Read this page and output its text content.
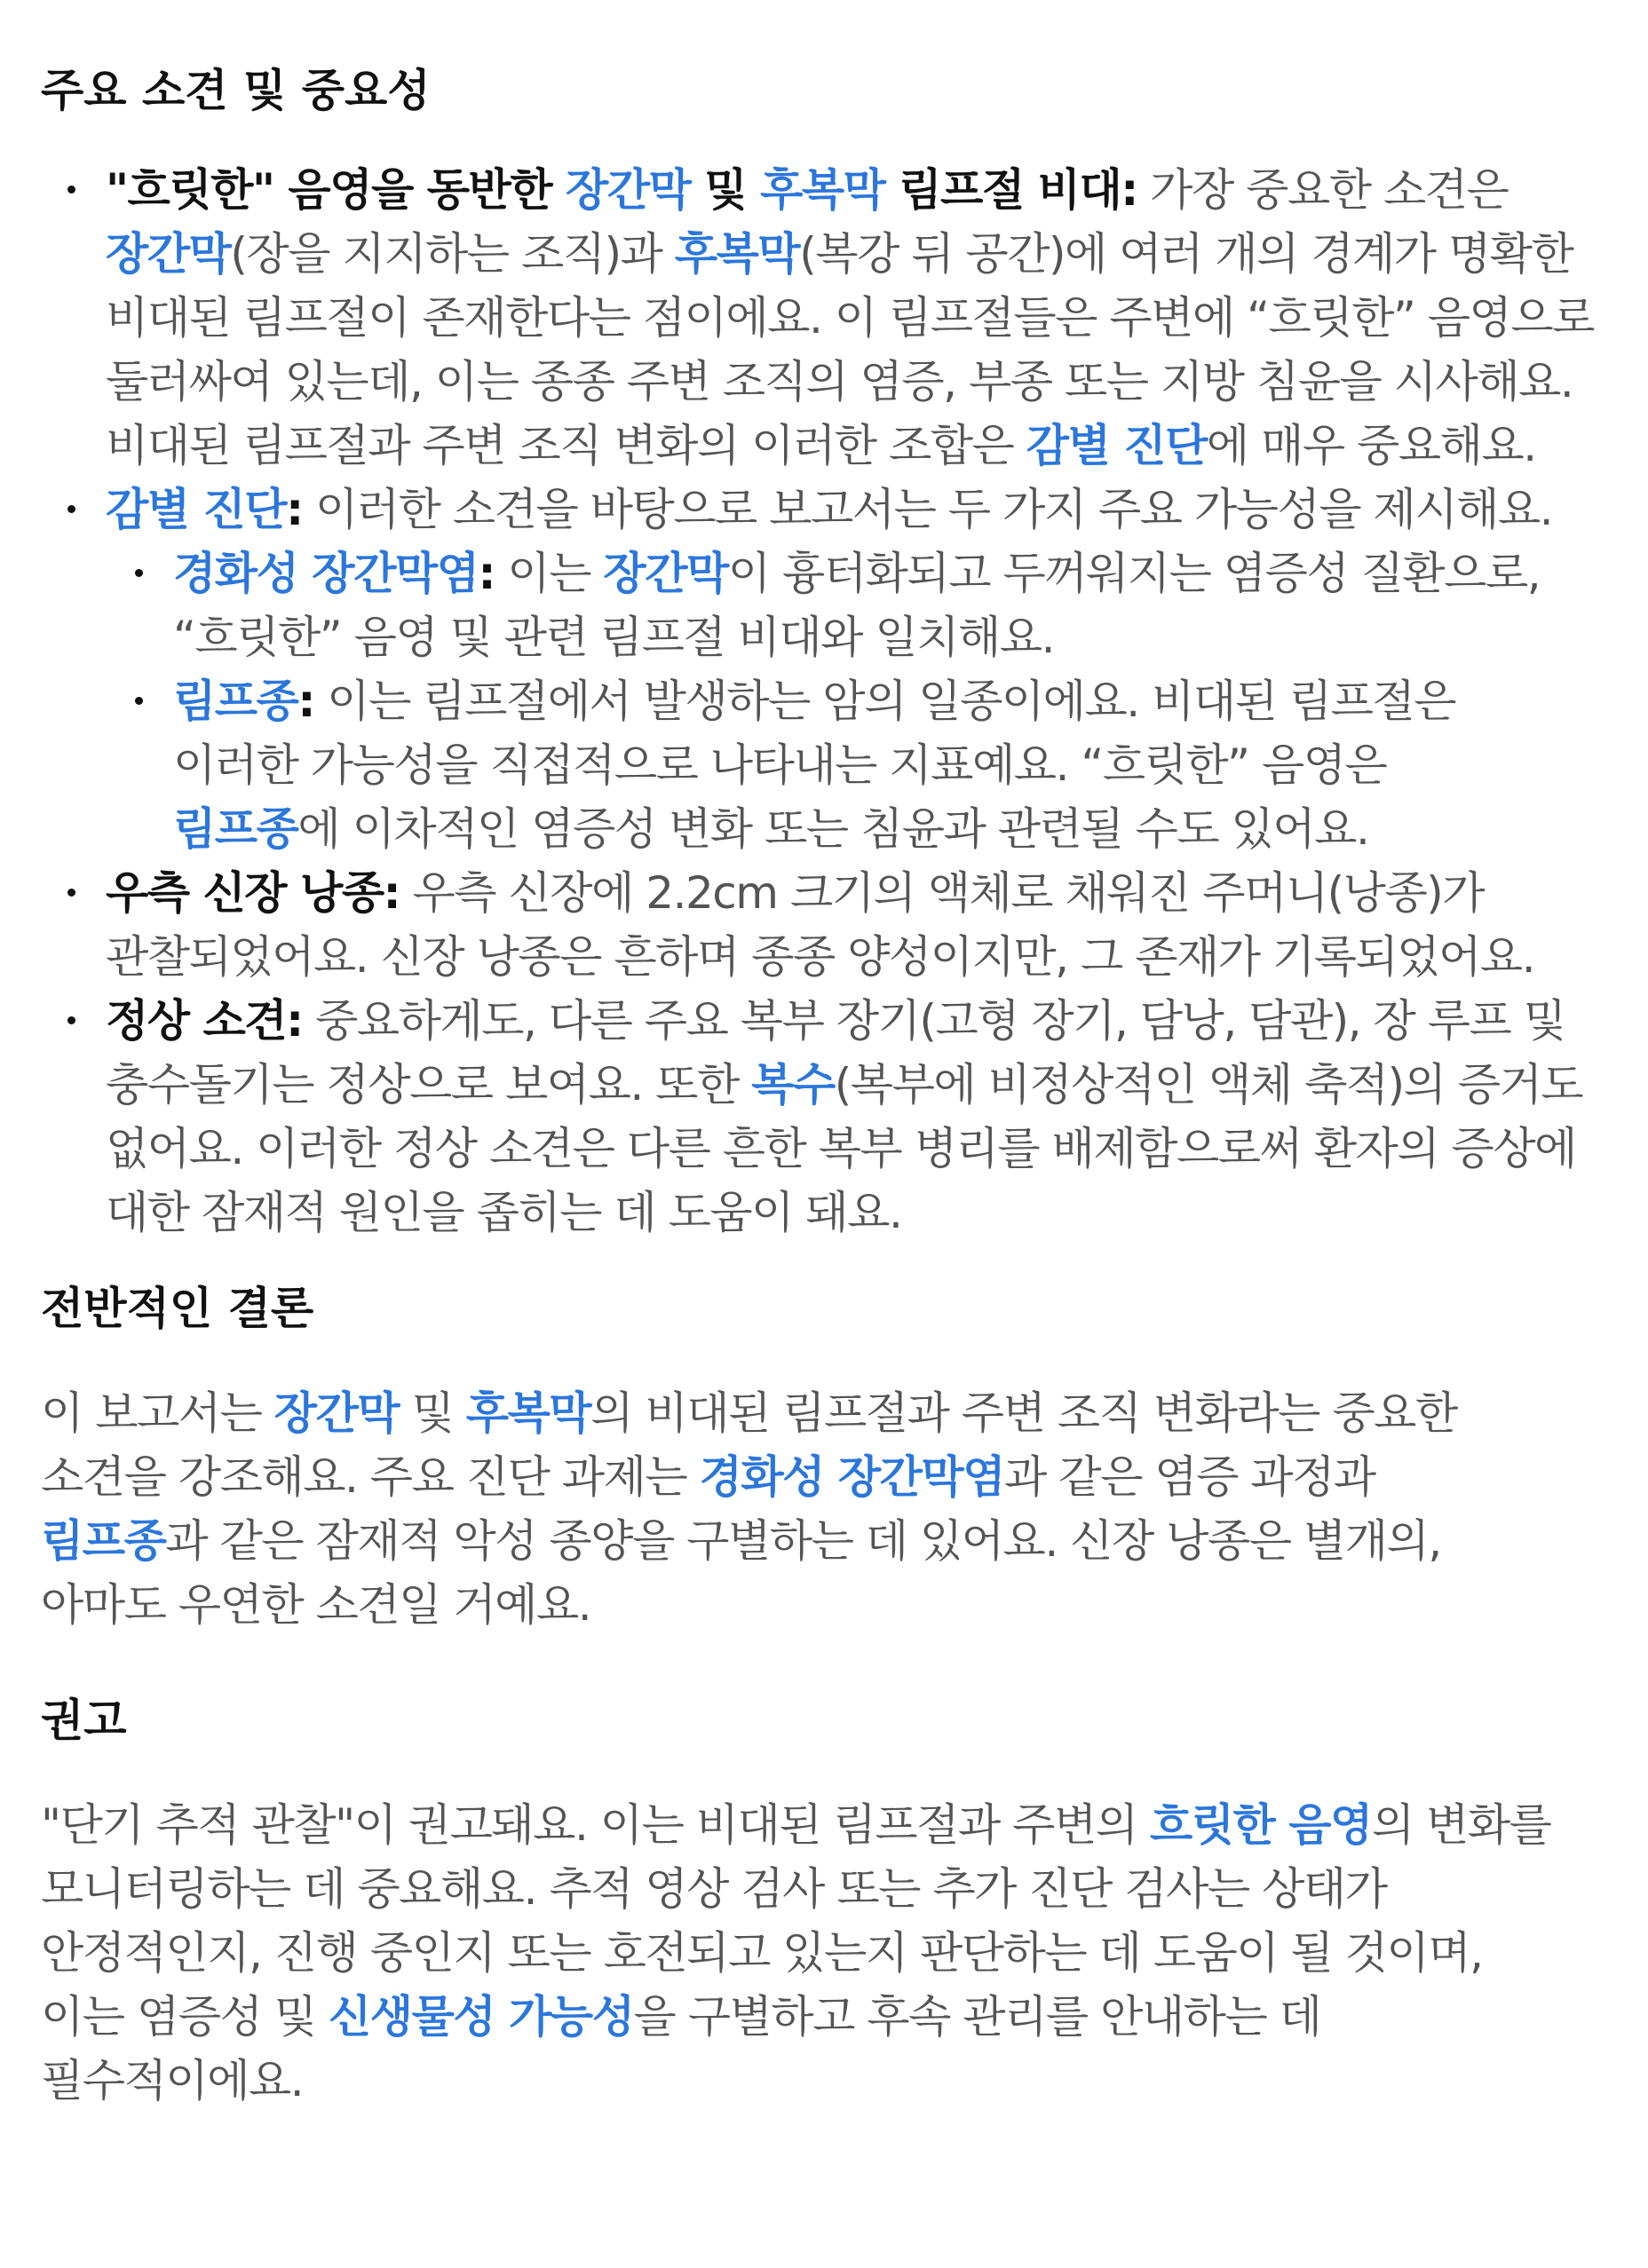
주요 소견 및 중요성
"흐릿한" 음영을 동반한 장간막 및 후복막 림프절 비대: 가장 중요한 소견은 장간막(장을 지지하는 조직)과 후복막(복강 뒤 공간)에 여러 개의 경계가 명확한 비대된 림프절이 존재한다는 점이에요. 이 림프절들은 주변에 “흐릿한” 음영으로 둘러싸여 있는데, 이는 종종 주변 조직의 염증, 부종 또는 지방 침윤을 시사해요. 비대된 림프절과 주변 조직 변화의 이러한 조합은 감별 진단에 매우 중요해요.
감별 진단: 이러한 소견을 바탕으로 보고서는 두 가지 주요 가능성을 제시해요.
경화성 장간막염: 이는 장간막이 흉터화되고 두꺼워지는 염증성 질환으로, “흐릿한” 음영 및 관련 림프절 비대와 일치해요.
림프종: 이는 림프절에서 발생하는 암의 일종이에요. 비대된 림프절은 이러한 가능성을 직접적으로 나타내는 지표예요. “흐릿한” 음영은 림프종에 이차적인 염증성 변화 또는 침윤과 관련될 수도 있어요.
우측 신장 낭종: 우측 신장에 2.2cm 크기의 액체로 채워진 주머니(낭종)가 관찰되었어요. 신장 낭종은 흔하며 종종 양성이지만, 그 존재가 기록되었어요.
정상 소견: 중요하게도, 다른 주요 복부 장기(고형 장기, 담낭, 담관), 장 루프 및 충수돌기는 정상으로 보여요. 또한 복수(복부에 비정상적인 액체 축적)의 증거도 없어요. 이러한 정상 소견은 다른 흔한 복부 병리를 배제함으로써 환자의 증상에 대한 잠재적 원인을 좁히는 데 도움이 돼요.
전반적인 결론

이 보고서는 장간막 및 후복막의 비대된 림프절과 주변 조직 변화라는 중요한 소견을 강조해요. 주요 진단 과제는 경화성 장간막염과 같은 염증 과정과 림프종과 같은 잠재적 악성 종양을 구별하는 데 있어요. 신장 낭종은 별개의, 아마도 우연한 소견일 거예요.

권고

"단기 추적 관찰"이 권고돼요. 이는 비대된 림프절과 주변의 흐릿한 음영의 변화를 모니터링하는 데 중요해요. 추적 영상 검사 또는 추가 진단 검사는 상태가 안정적인지, 진행 중인지 또는 호전되고 있는지 판단하는 데 도움이 될 것이며, 이는 염증성 및 신생물성 가능성을 구별하고 후속 관리를 안내하는 데 필수적이에요.
